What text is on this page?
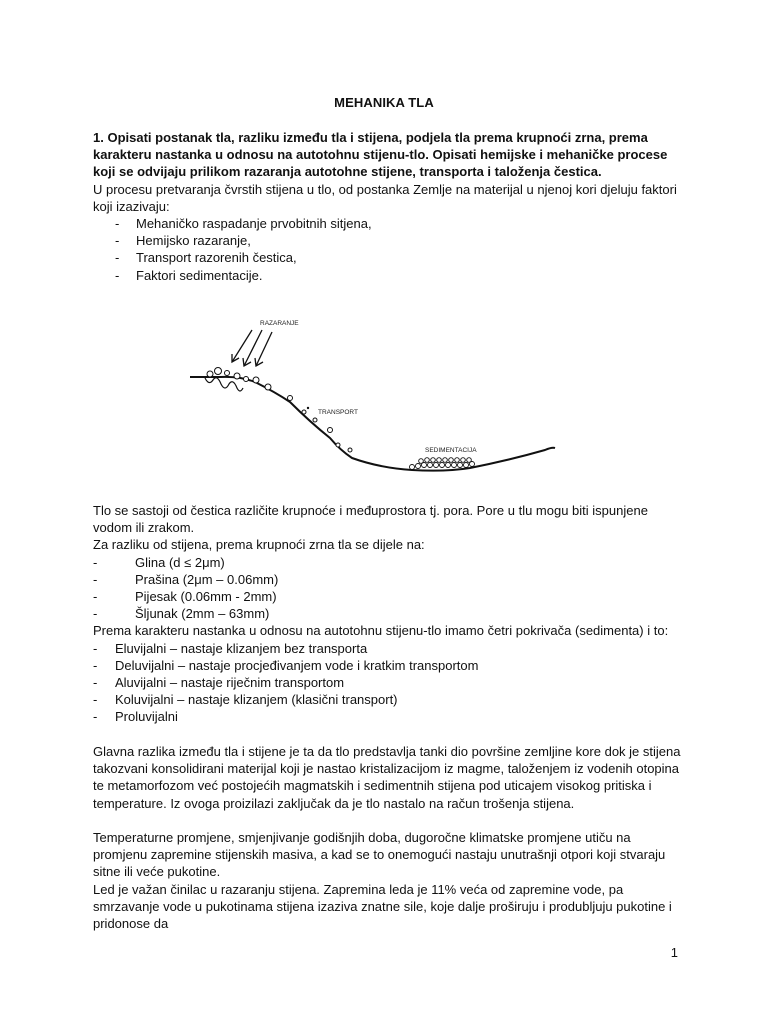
MEHANIKA TLA

1. Opisati postanak tla, razliku između tla i stijena, podjela tla prema krupnoći zrna, prema karakteru nastanka u odnosu na autotohnu stijenu-tlo. Opisati hemijske i mehaničke procese koji se odvijaju prilikom razaranja autotohne stijene, transporta i taloženja čestica.

U procesu pretvaranja čvrstih stijena u tlo, od postanka Zemlje na materijal u njenoj kori djeluju faktori koji izazivaju:

- Mehaničko raspadanje prvobitnih sitjena,
- Hemijsko razaranje,
- Transport razorenih čestica,
- Faktori sedimentacije.
RAZARANJE
TRANSPORT
SEDIMENTACIJA

Tlo se sastoji od čestica različite krupnoće i međuprostora tj. pora. Pore u tlu mogu biti ispunjene vodom ili zrakom.

Za razliku od stijena, prema krupnoći zrna tla se dijele na:

- Glina (d ≤ 2μm)
- Prašina (2μm – 0.06mm)
- Pijesak (0.06mm - 2mm)
- Šljunak (2mm – 63mm)

Prema karakteru nastanka u odnosu na autotohnu stijenu-tlo imamo četri pokrivača (sedimenta) i to:

- Eluvijalni – nastaje klizanjem bez transporta
- Deluvijalni – nastaje procjeđivanjem vode i kratkim transportom
- Aluvijalni – nastaje riječnim transportom
- Koluvijalni – nastaje klizanjem (klasični transport)
- Proluvijalni

Glavna razlika između tla i stijene je ta da tlo predstavlja tanki dio površine zemljine kore dok je stijena takozvani konsolidirani materijal koji je nastao kristalizacijom iz magme, taloženjem iz vodenih otopina te metamorfozom već postojećih magmatskih i sedimentnih stijena pod uticajem visokog pritiska i temperature. Iz ovoga proizilazi zaključak da je tlo nastalo na račun trošenja stijena.

Temperaturne promjene, smjenjivanje godišnjih doba, dugoročne klimatske promjene utiču na promjenu zapremine stijenskih masiva, a kad se to onemogući nastaju unutrašnji otpori koji stvaraju sitne ili veće pukotine.

Led je važan činilac u razaranju stijena. Zapremina leda je 11% veća od zapremine vode, pa smrzavanje vode u pukotinama stijena izaziva znatne sile, koje dalje proširuju i produbljuju pukotine i pridonose da

1
